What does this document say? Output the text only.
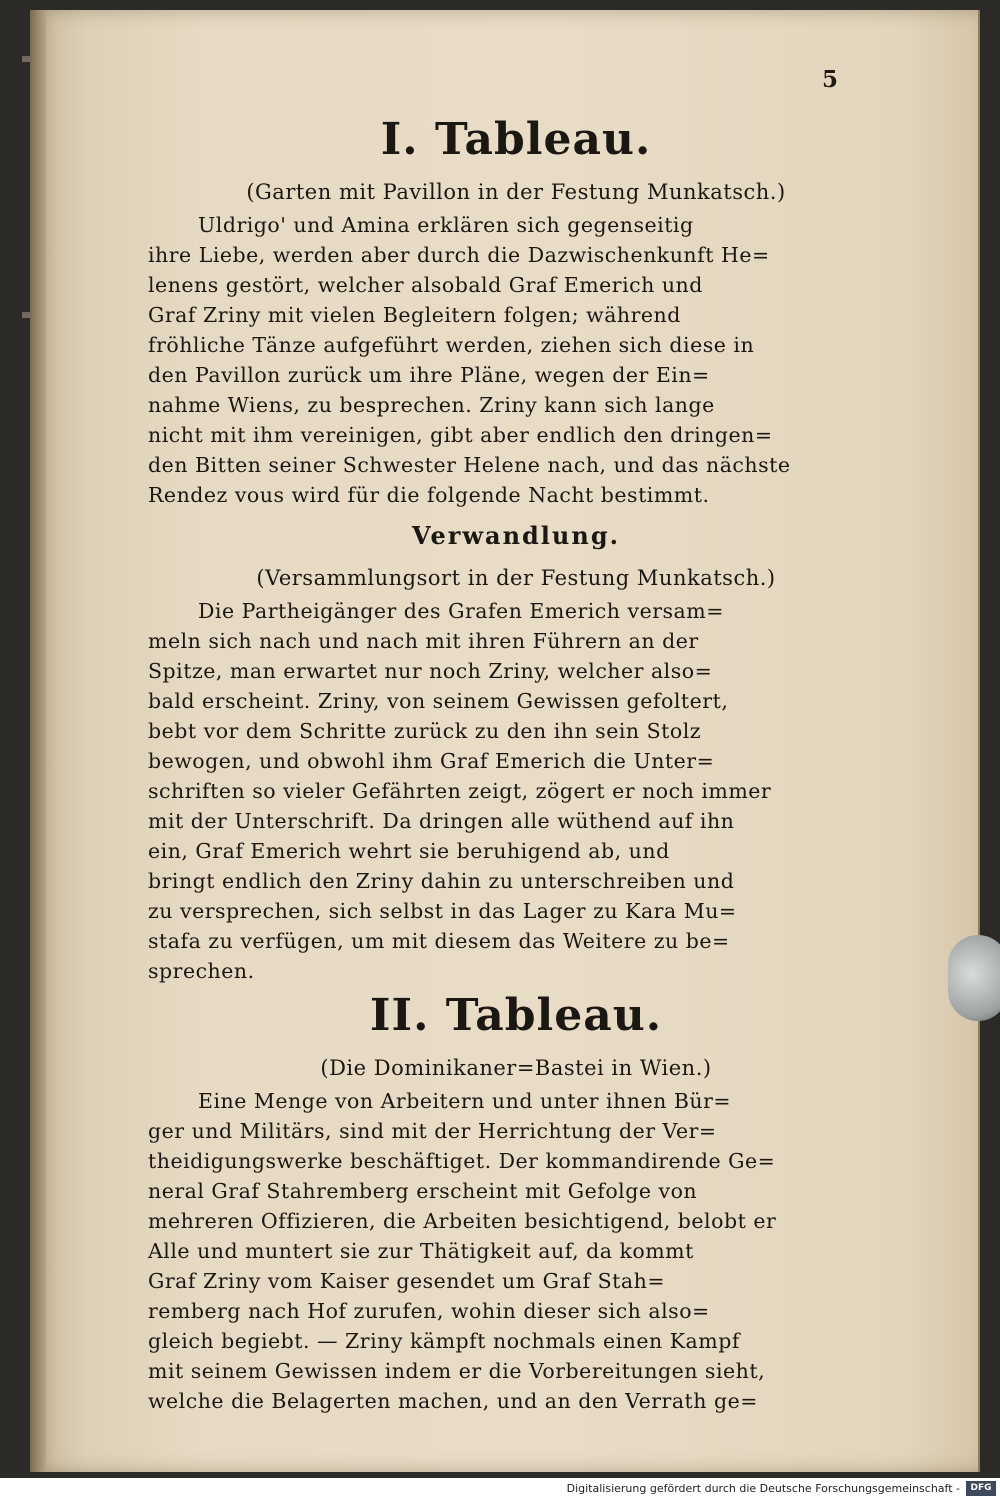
5
I. Tableau.

(Garten mit Pavillon in der Festung Munkatsch.)

Uldrigo' und Amina erklären sich gegenseitig
ihre Liebe, werden aber durch die Dazwischenkunft He=
lenens gestört, welcher alsobald Graf Emerich und
Graf Zriny mit vielen Begleitern folgen; während
fröhliche Tänze aufgeführt werden, ziehen sich diese in
den Pavillon zurück um ihre Pläne, wegen der Ein=
nahme Wiens, zu besprechen. Zriny kann sich lange
nicht mit ihm vereinigen, gibt aber endlich den dringen=
den Bitten seiner Schwester Helene nach, und das nächste
Rendez vous wird für die folgende Nacht bestimmt.

Verwandlung.

(Versammlungsort in der Festung Munkatsch.)

Die Partheigänger des Grafen Emerich versam=
meln sich nach und nach mit ihren Führern an der
Spitze, man erwartet nur noch Zriny, welcher also=
bald erscheint. Zriny, von seinem Gewissen gefoltert,
bebt vor dem Schritte zurück zu den ihn sein Stolz
bewogen, und obwohl ihm Graf Emerich die Unter=
schriften so vieler Gefährten zeigt, zögert er noch immer
mit der Unterschrift. Da dringen alle wüthend auf ihn
ein, Graf Emerich wehrt sie beruhigend ab, und
bringt endlich den Zriny dahin zu unterschreiben und
zu versprechen, sich selbst in das Lager zu Kara Mu=
stafa zu verfügen, um mit diesem das Weitere zu be=
sprechen.

II. Tableau.

(Die Dominikaner=Bastei in Wien.)

Eine Menge von Arbeitern und unter ihnen Bür=
ger und Militärs, sind mit der Herrichtung der Ver=
theidigungswerke beschäftiget. Der kommandirende Ge=
neral Graf Stahremberg erscheint mit Gefolge von
mehreren Offizieren, die Arbeiten besichtigend, belobt er
Alle und muntert sie zur Thätigkeit auf, da kommt
Graf Zriny vom Kaiser gesendet um Graf Stah=
remberg nach Hof zurufen, wohin dieser sich also=
gleich begiebt. — Zriny kämpft nochmals einen Kampf
mit seinem Gewissen indem er die Vorbereitungen sieht,
welche die Belagerten machen, und an den Verrath ge=

Digitalisierung gefördert durch die Deutsche Forschungsgemeinschaft -	DFG
